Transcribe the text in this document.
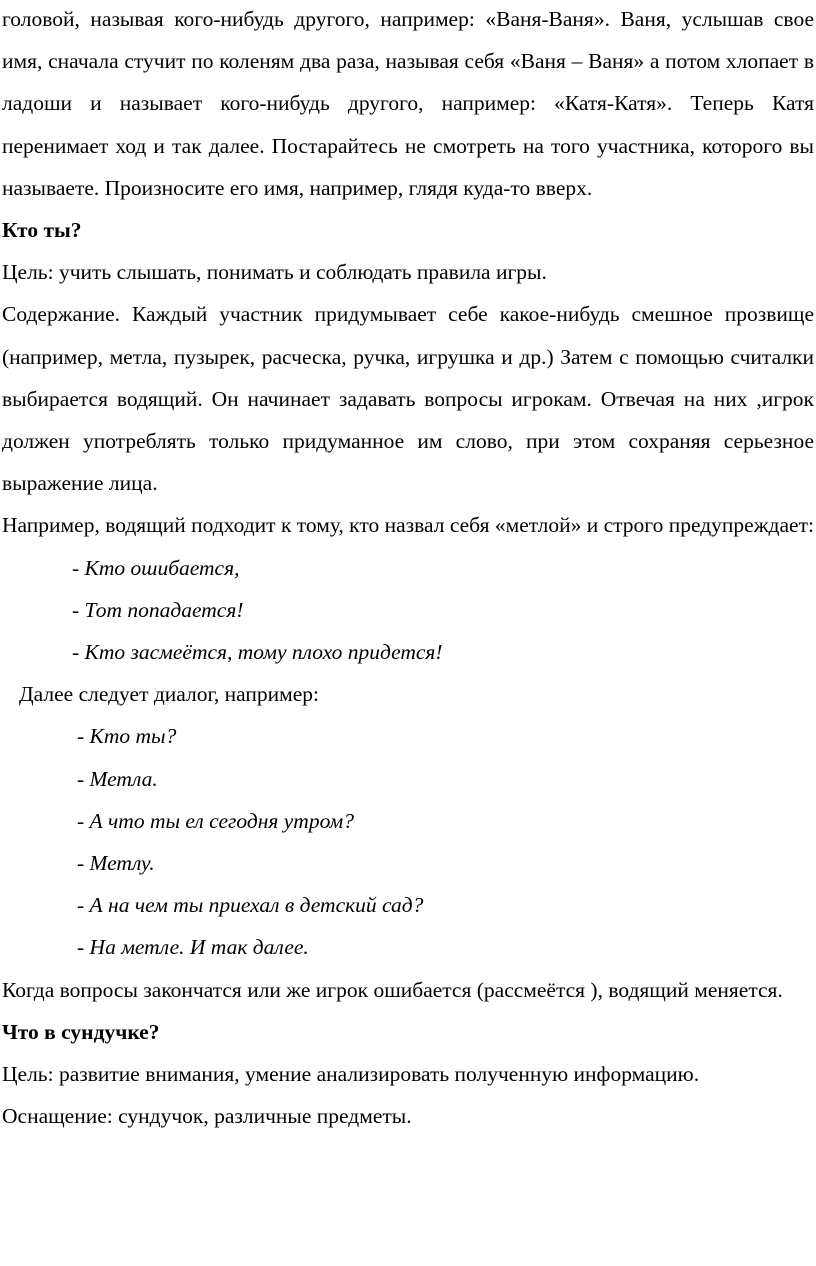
головой, называя кого-нибудь другого, например: «Ваня-Ваня». Ваня, услышав свое имя, сначала стучит по коленям два раза, называя себя «Ваня – Ваня» а потом хлопает в ладоши и называет кого-нибудь другого, например: «Катя-Катя». Теперь Катя перенимает ход и так далее. Постарайтесь не смотреть на того участника, которого вы называете. Произносите его имя, например, глядя куда-то вверх.

Кто ты?

Цель: учить слышать, понимать и соблюдать правила игры.

Содержание. Каждый участник придумывает себе какое-нибудь смешное прозвище (например, метла, пузырек, расческа, ручка, игрушка и др.) Затем с помощью считалки выбирается водящий. Он начинает задавать вопросы игрокам. Отвечая на них ,игрок должен употреблять только придуманное им слово, при этом сохраняя серьезное выражение лица.

Например, водящий подходит к тому, кто назвал себя «метлой» и строго предупреждает:

- Кто ошибается,

- Тот попадается!

- Кто засмеётся, тому плохо придется!

Далее следует диалог, например:

- Кто ты?

- Метла.

- А что ты ел сегодня утром?

- Метлу.

- А на чем ты приехал в детский сад?

- На метле. И так далее.

Когда вопросы закончатся или же игрок ошибается (рассмеётся ), водящий меняется.

Что в сундучке?

Цель: развитие внимания, умение анализировать полученную информацию.

Оснащение: сундучок, различные предметы.
